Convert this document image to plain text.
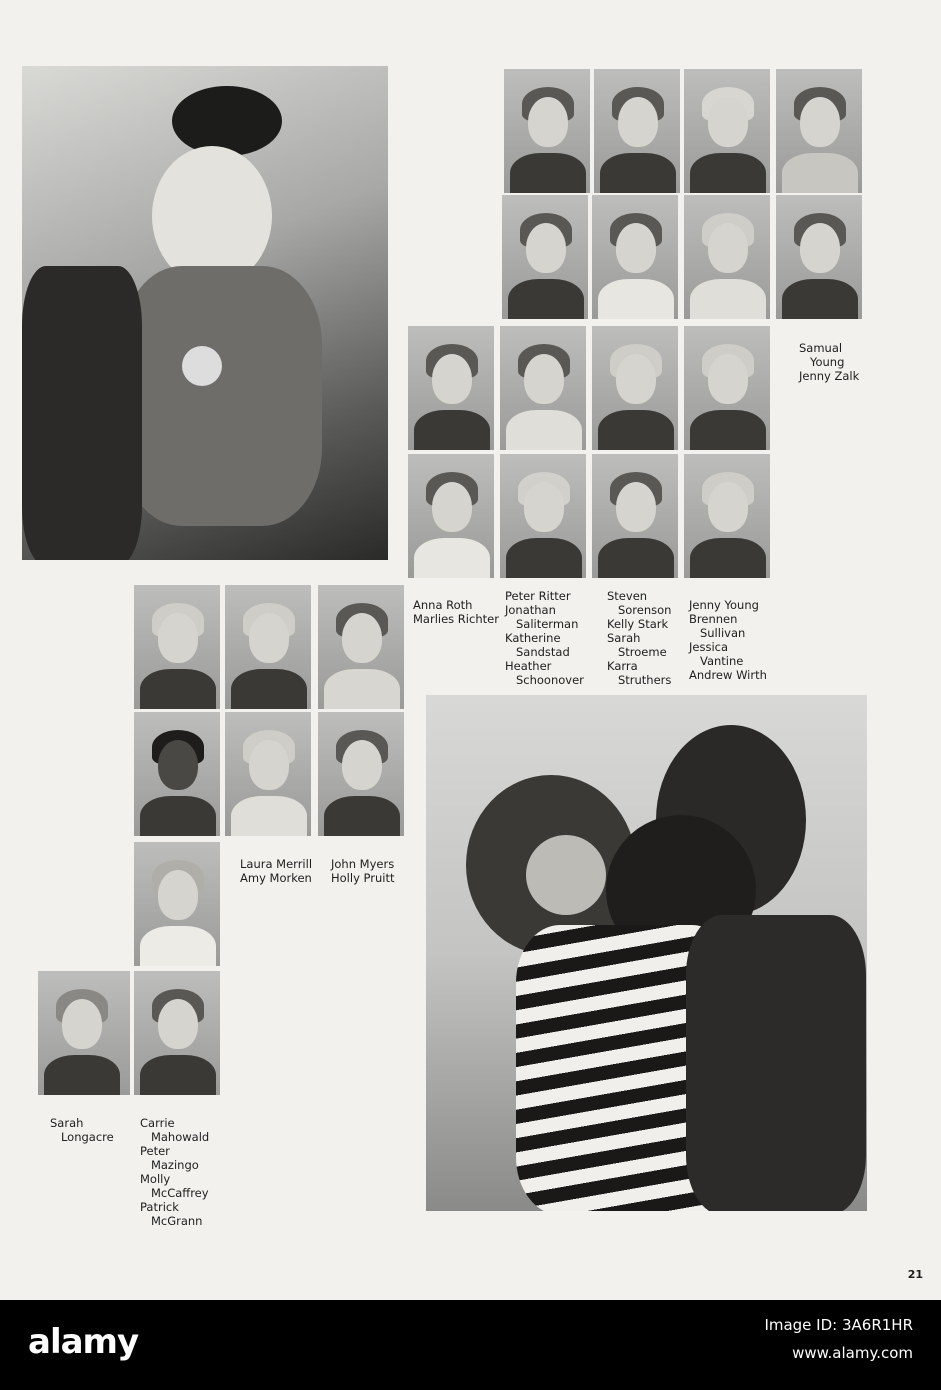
Samual
Young
Jenny Zalk
Anna Roth
Marlies Richter
Peter Ritter
Jonathan
Saliterman
Katherine
Sandstad
Heather
Schoonover
Steven
Sorenson
Kelly Stark
Sarah
Stroeme
Karra
Struthers
Jenny Young
Brennen
Sullivan
Jessica
Vantine
Andrew Wirth
Laura Merrill
Amy Morken
John Myers
Holly Pruitt
Sarah
Longacre
Carrie
Mahowald
Peter
Mazingo
Molly
McCaffrey
Patrick
McGrann
21
alamy	Image ID: 3A6R1HR
www.alamy.com
